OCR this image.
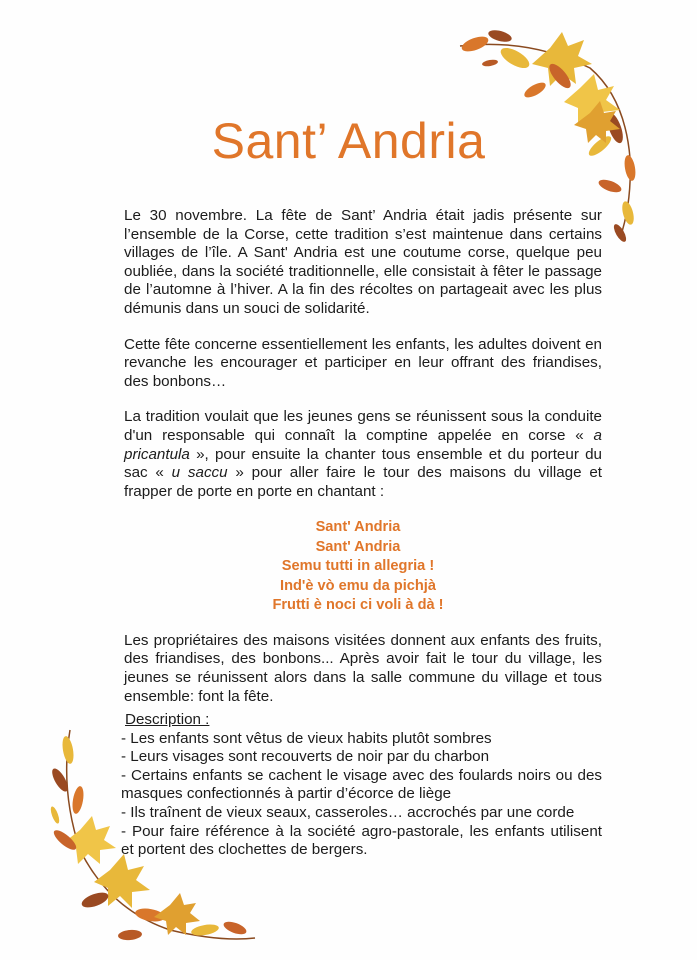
Sant’ Andria

Le 30 novembre. La fête de Sant’ Andria était jadis présente sur l’ensemble de la Corse, cette tradition s’est maintenue dans certains villages de l’île. A Sant' Andria est une coutume corse, quelque peu oubliée, dans la société traditionnelle, elle consistait à fêter le passage de l’automne à l’hiver. A la fin des récoltes on partageait avec les plus démunis dans un souci de solidarité.

Cette fête concerne essentiellement les enfants, les adultes doivent en revanche les encourager et participer en leur offrant des friandises, des bonbons…

La tradition voulait que les jeunes gens se réunissent sous la conduite d'un responsable qui connaît la comptine appelée en corse « a pricantula », pour ensuite la chanter tous ensemble et du porteur du sac « u saccu » pour aller faire le tour des maisons du village et frapper de porte en porte en chantant :

Sant' Andria
Sant' Andria
Semu tutti in allegria !
Ind'è vò emu da pichjà
Frutti è noci ci voli à dà !

Les propriétaires des maisons visitées donnent aux enfants des fruits, des friandises, des bonbons... Après avoir fait le tour du village, les jeunes se réunissent alors dans la salle commune du village et tous ensemble: font la fête.

Description :
- Les enfants sont vêtus de vieux habits plutôt sombres
- Leurs visages sont recouverts de noir par du charbon
- Certains enfants se cachent le visage avec des foulards noirs ou des masques confectionnés à partir d’écorce de liège
- Ils traînent de vieux seaux, casseroles… accrochés par une corde
- Pour faire référence à la société agro-pastorale, les enfants utilisent et portent des clochettes de bergers.
